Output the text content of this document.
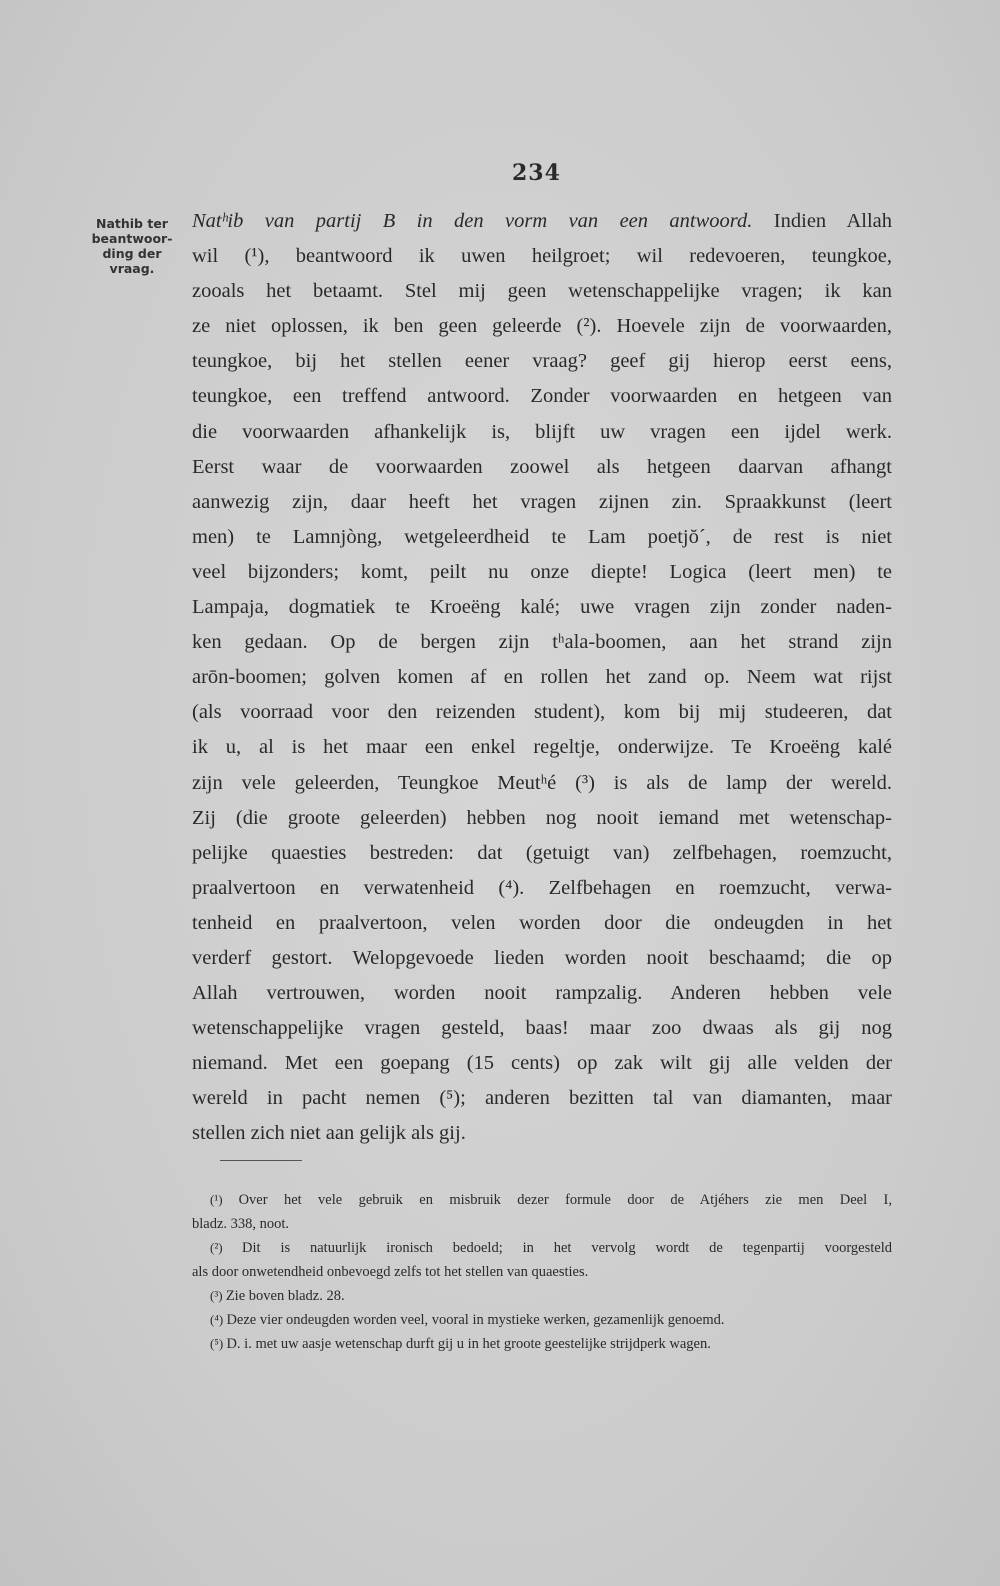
234
Nathib ter
beantwoor-
ding der
vraag.
Natʰib van partij B in den vorm van een antwoord. Indien Allah
wil (¹), beantwoord ik uwen heilgroet; wil redevoeren, teungkoe,
zooals het betaamt. Stel mij geen wetenschappelijke vragen; ik kan
ze niet oplossen, ik ben geen geleerde (²). Hoevele zijn de voorwaarden,
teungkoe, bij het stellen eener vraag? geef gij hierop eerst eens,
teungkoe, een treffend antwoord. Zonder voorwaarden en hetgeen van
die voorwaarden afhankelijk is, blijft uw vragen een ijdel werk.
Eerst waar de voorwaarden zoowel als hetgeen daarvan afhangt
aanwezig zijn, daar heeft het vragen zijnen zin. Spraakkunst (leert
men) te Lamnjòng, wetgeleerdheid te Lam poetjŏ´, de rest is niet
veel bijzonders; komt, peilt nu onze diepte! Logica (leert men) te
Lampaja, dogmatiek te Kroeëng kalé; uwe vragen zijn zonder naden-
ken gedaan. Op de bergen zijn tʰala-boomen, aan het strand zijn
arōn-boomen; golven komen af en rollen het zand op. Neem wat rijst
(als voorraad voor den reizenden student), kom bij mij studeeren, dat
ik u, al is het maar een enkel regeltje, onderwijze. Te Kroeëng kalé
zijn vele geleerden, Teungkoe Meutʰé (³) is als de lamp der wereld.
Zij (die groote geleerden) hebben nog nooit iemand met wetenschap-
pelijke quaesties bestreden: dat (getuigt van) zelfbehagen, roemzucht,
praalvertoon en verwatenheid (⁴). Zelfbehagen en roemzucht, verwa-
tenheid en praalvertoon, velen worden door die ondeugden in het
verderf gestort. Welopgevoede lieden worden nooit beschaamd; die op
Allah vertrouwen, worden nooit rampzalig. Anderen hebben vele
wetenschappelijke vragen gesteld, baas! maar zoo dwaas als gij nog
niemand. Met een goepang (15 cents) op zak wilt gij alle velden der
wereld in pacht nemen (⁵); anderen bezitten tal van diamanten, maar
stellen zich niet aan gelijk als gij.
(¹) Over het vele gebruik en misbruik dezer formule door de Atjéhers zie men Deel I,
bladz. 338, noot.
(²) Dit is natuurlijk ironisch bedoeld; in het vervolg wordt de tegenpartij voorgesteld
als door onwetendheid onbevoegd zelfs tot het stellen van quaesties.
(³) Zie boven bladz. 28.
(⁴) Deze vier ondeugden worden veel, vooral in mystieke werken, gezamenlijk genoemd.
(⁵) D. i. met uw aasje wetenschap durft gij u in het groote geestelijke strijdperk wagen.
